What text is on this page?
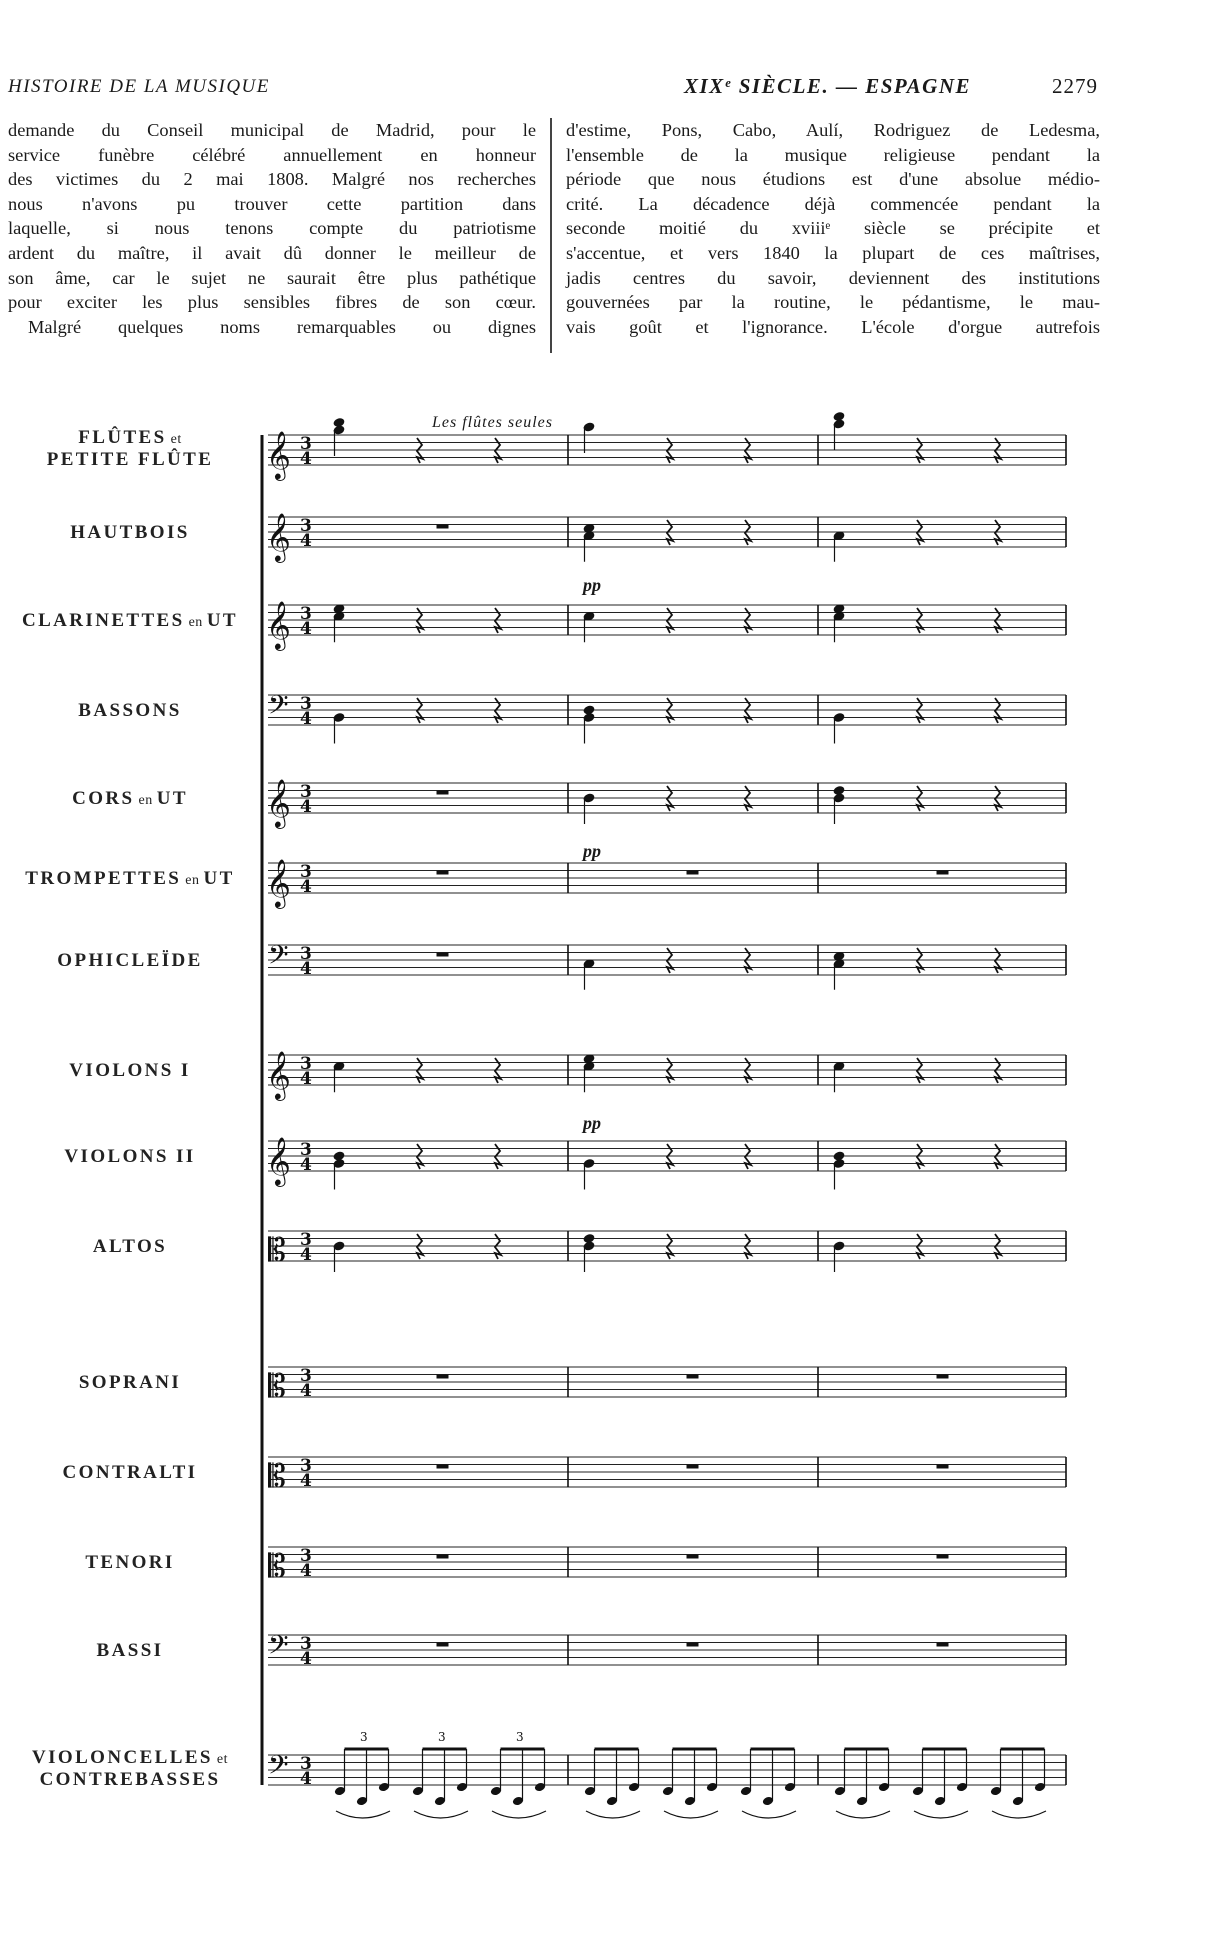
HISTOIRE DE LA MUSIQUE	XIXᵉ SIÈCLE. — ESPAGNE	2279
demande du Conseil municipal de Madrid, pour le
service funèbre célébré annuellement en honneur
des victimes du 2 mai 1808. Malgré nos recherches
nous n'avons pu trouver cette partition dans
laquelle, si nous tenons compte du patriotisme
ardent du maître, il avait dû donner le meilleur de
son âme, car le sujet ne saurait être plus pathétique
pour exciter les plus sensibles fibres de son cœur.
Malgré quelques noms remarquables ou dignes
d'estime, Pons, Cabo, Aulí, Rodriguez de Ledesma,
l'ensemble de la musique religieuse pendant la
période que nous étudions est d'une absolue médio-
crité. La décadence déjà commencée pendant la
seconde moitié du xviiiᵉ siècle se précipite et
s'accentue, et vers 1840 la plupart de ces maîtrises,
jadis centres du savoir, deviennent des institutions
gouvernées par la routine, le pédantisme, le mau-
vais goût et l'ignorance. L'école d'orgue autrefois
Les flûtes seules
𝄞 3
4
𝄞 3
4
𝄞 3
4
𝄢 3
4
𝄞 3
4
𝄞 3
4
𝄢 3
4
𝄞 3
4
𝄞 3
4
𝄡 3
4
𝄡 3
4
𝄡 3
4
𝄡 3
4
𝄢 3
4
𝄢 3
4
3	3	3
FLÛTES et
PETITE FLÛTE
HAUTBOIS
CLARINETTES en UT
BASSONS
CORS en UT
TROMPETTES en UT
OPHICLEÏDE
VIOLONS I
VIOLONS II
ALTOS
SOPRANI
CONTRALTI
TENORI
BASSI
VIOLONCELLES et
CONTREBASSES
pp
pp
pp
